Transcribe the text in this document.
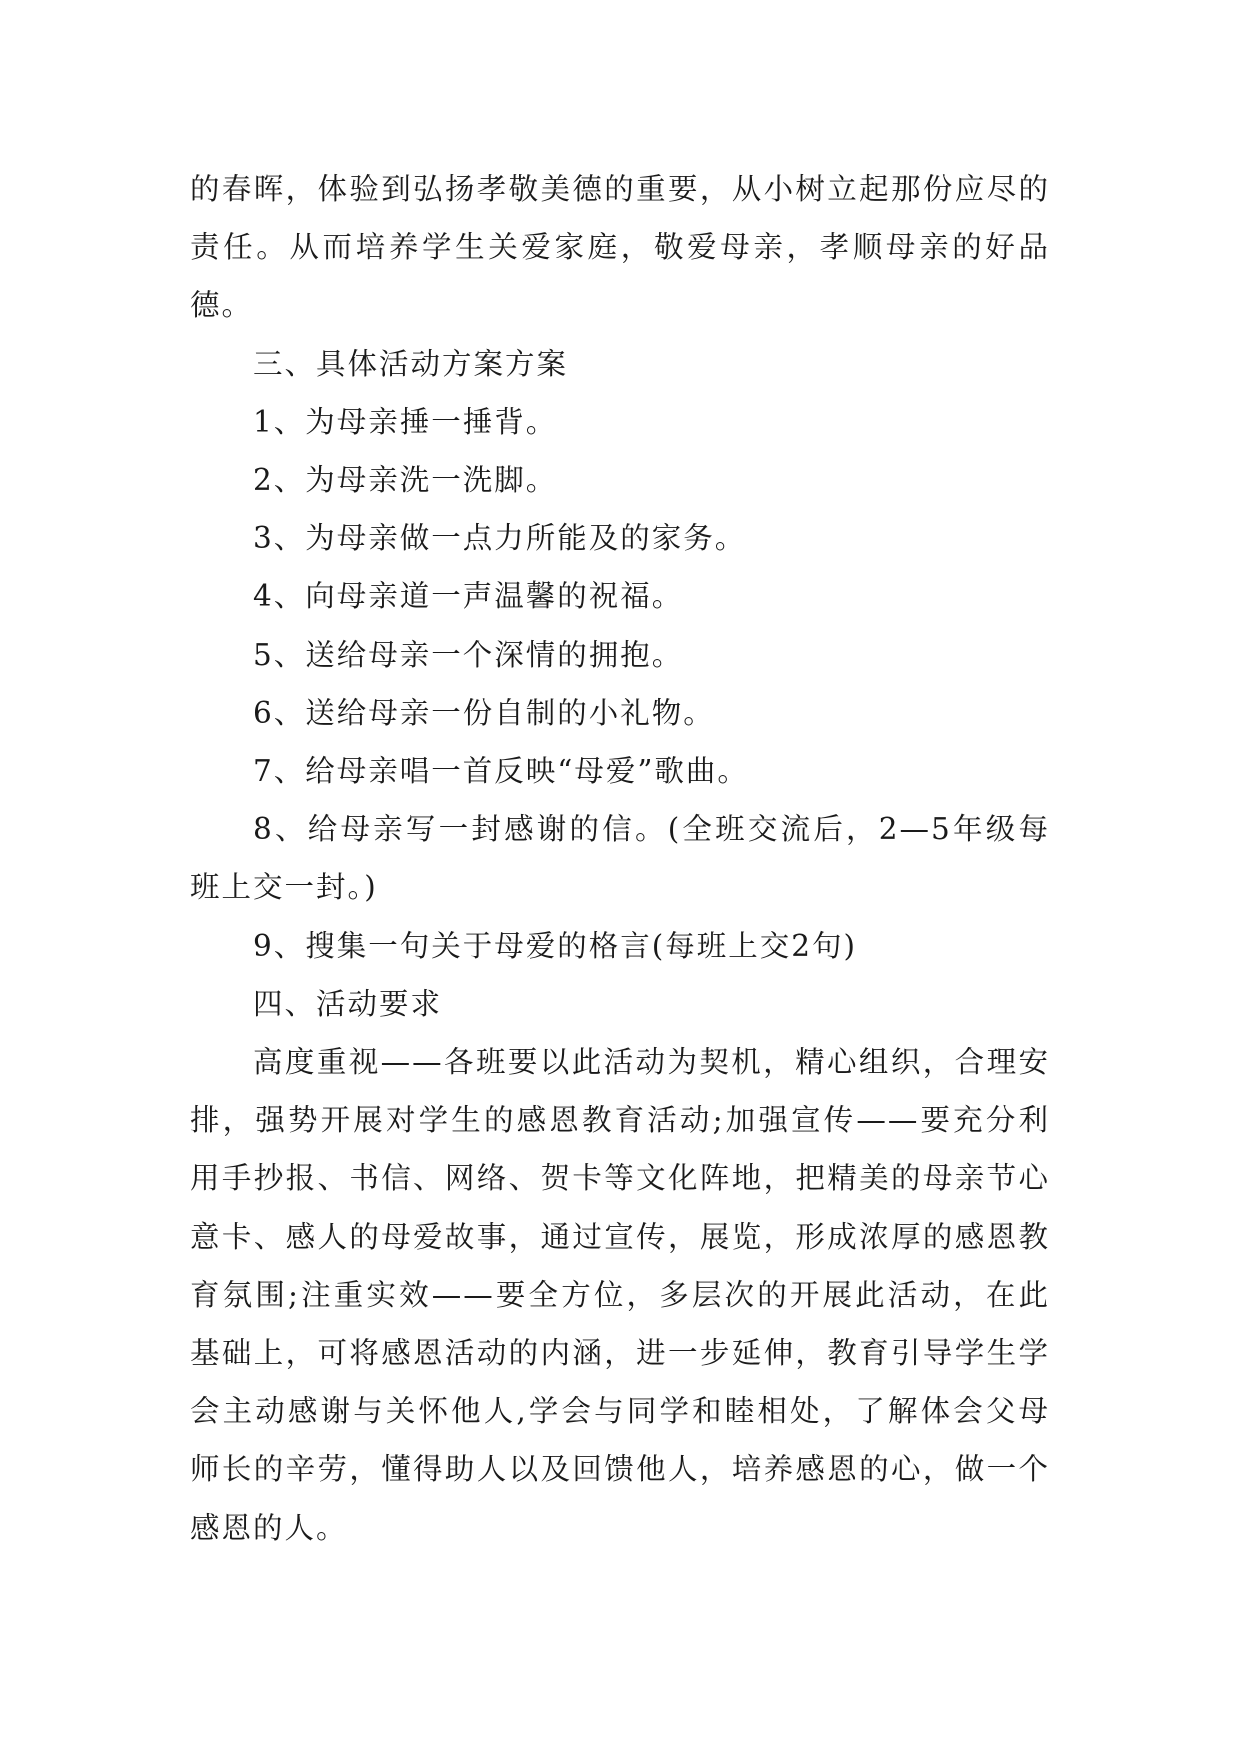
的春晖，体验到弘扬孝敬美德的重要，从小树立起那份应尽的责任。从而培养学生关爱家庭，敬爱母亲，孝顺母亲的好品德。

三、具体活动方案方案

1、为母亲捶一捶背。

2、为母亲洗一洗脚。

3、为母亲做一点力所能及的家务。

4、向母亲道一声温馨的祝福。

5、送给母亲一个深情的拥抱。

6、送给母亲一份自制的小礼物。

7、给母亲唱一首反映“母爱”歌曲。

8、给母亲写一封感谢的信。(全班交流后，2—5年级每班上交一封。)

9、搜集一句关于母爱的格言(每班上交2句)

四、活动要求

高度重视——各班要以此活动为契机，精心组织，合理安排，强势开展对学生的感恩教育活动;加强宣传——要充分利用手抄报、书信、网络、贺卡等文化阵地，把精美的母亲节心意卡、感人的母爱故事，通过宣传，展览，形成浓厚的感恩教育氛围;注重实效——要全方位，多层次的开展此活动，在此基础上，可将感恩活动的内涵，进一步延伸，教育引导学生学会主动感谢与关怀他人,学会与同学和睦相处，了解体会父母师长的辛劳，懂得助人以及回馈他人，培养感恩的心，做一个感恩的人。
